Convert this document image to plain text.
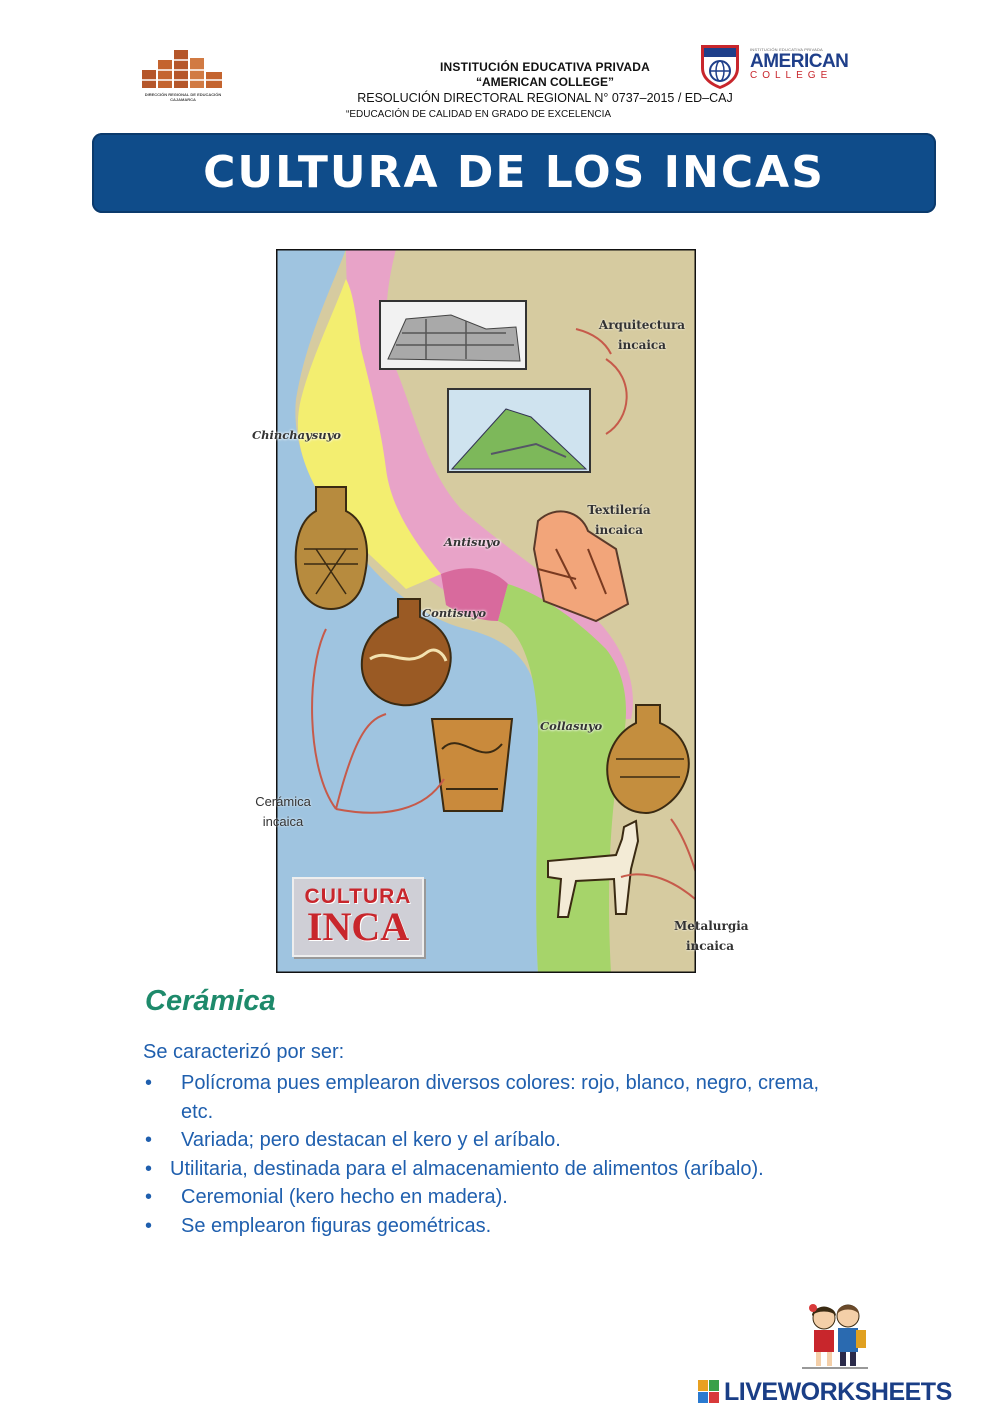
DIRECCIÓN REGIONAL DE EDUCACIÓN CAJAMARCA
INSTITUCIÓN EDUCATIVA PRIVADA
“AMERICAN COLLEGE”
RESOLUCIÓN DIRECTORAL REGIONAL N° 0737–2015 / ED–CAJ
“EDUCACIÓN DE CALIDAD EN GRADO DE EXCELENCIA
INSTITUCIÓN EDUCATIVA PRIVADA
AMERICAN
COLLEGE
CULTURA DE LOS INCAS
Chinchaysuyo
Antisuyo
Contisuyo
Collasuyo
Arquitectura incaica
Textilería incaica
Cerámica incaica
Metalurgia incaica
CULTURA
INCA
Cerámica
Se caracterizó por ser:
• Polícroma pues emplearon diversos colores: rojo, blanco, negro, crema, etc.
• Variada; pero destacan el kero y el aríbalo.
• Utilitaria, destinada para el almacenamiento de alimentos (aríbalo).
• Ceremonial (kero hecho en madera).
• Se emplearon figuras geométricas.
LIVEWORKSHEETS
